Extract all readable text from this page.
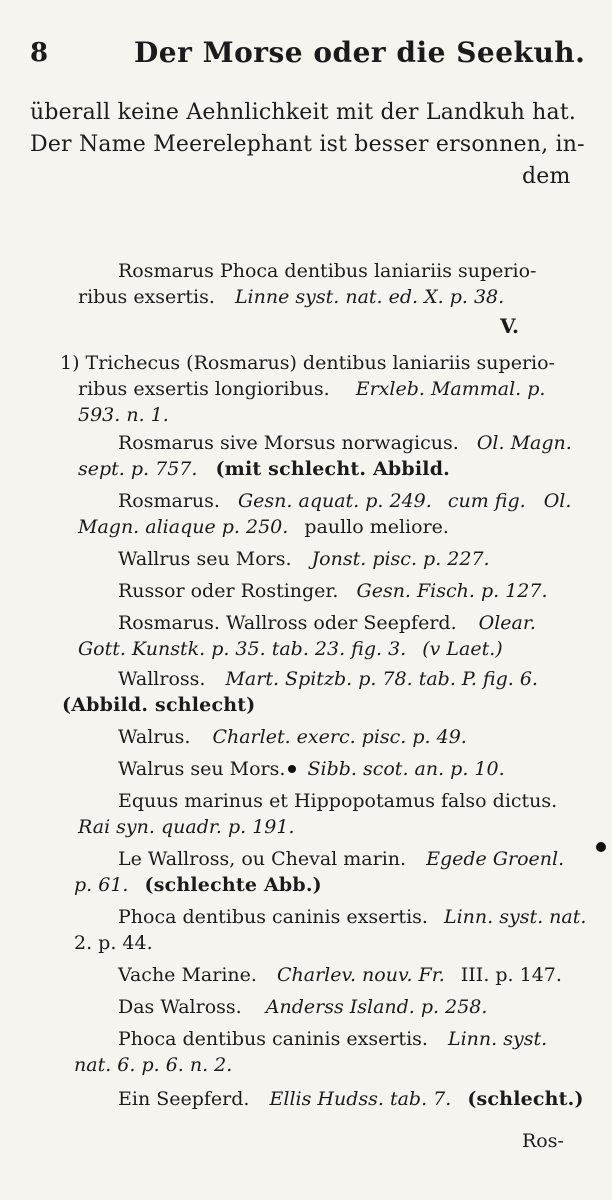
8	Der Morse oder die Seekuh.
überall keine Aehnlichkeit mit der Landkuh hat.
Der Name Meerelephant ist besser ersonnen, in-
dem
Rosmarus Phoca dentibus laniariis superio-
ribus exsertis. Linne syst. nat. ed. X. p. 38.
V.
1) Trichecus (Rosmarus) dentibus laniariis superio-
ribus exsertis longioribus. Erxleb. Mammal. p.
593. n. 1.
Rosmarus sive Morsus norwagicus. Ol. Magn.
sept. p. 757. (mit schlecht. Abbild.
Rosmarus. Gesn. aquat. p. 249. cum fig. Ol.
Magn. aliaque p. 250. paullo meliore.
Wallrus seu Mors. Jonst. pisc. p. 227.
Russor oder Rostinger. Gesn. Fisch. p. 127.
Rosmarus. Wallross oder Seepferd. Olear.
Gott. Kunstk. p. 35. tab. 23. fig. 3. (v Laet.)
Wallross. Mart. Spitzb. p. 78. tab. P. fig. 6.
(Abbild. schlecht)
Walrus. Charlet. exerc. pisc. p. 49.
Walrus seu Mors. Sibb. scot. an. p. 10.
Equus marinus et Hippopotamus falso dictus.
Rai syn. quadr. p. 191.
Le Wallross, ou Cheval marin. Egede Groenl.
p. 61. (schlechte Abb.)
Phoca dentibus caninis exsertis. Linn. syst. nat.
2. p. 44.
Vache Marine. Charlev. nouv. Fr. III. p. 147.
Das Walross. Anderss Island. p. 258.
Phoca dentibus caninis exsertis. Linn. syst.
nat. 6. p. 6. n. 2.
Ein Seepferd. Ellis Hudss. tab. 7. (schlecht.)
Ros-
